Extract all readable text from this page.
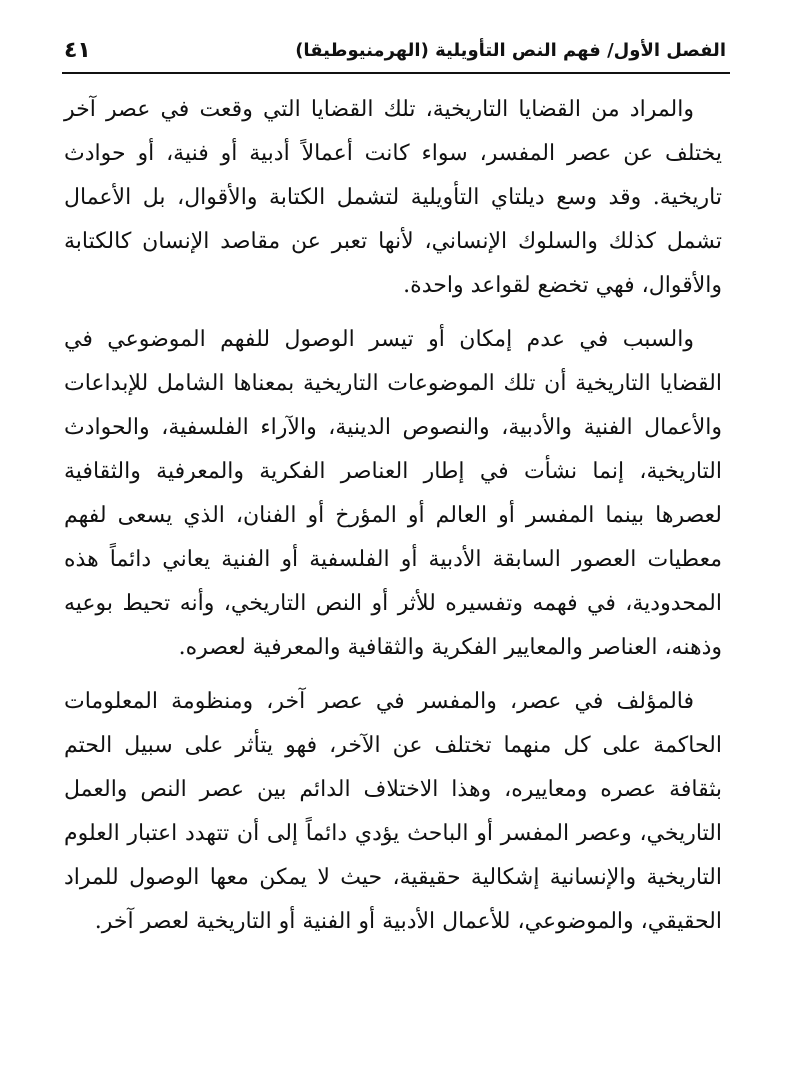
الفصل الأول/ فهم النص التأويلية (الهرمنيوطيقا)
٤١

والمراد من القضايا التاريخية، تلك القضايا التي وقعت في عصر آخر يختلف عن عصر المفسر، سواء كانت أعمالاً أدبية أو فنية، أو حوادث تاريخية. وقد وسع ديلتاي التأويلية لتشمل الكتابة والأقوال، بل الأعمال تشمل كذلك والسلوك الإنساني، لأنها تعبر عن مقاصد الإنسان كالكتابة والأقوال، فهي تخضع لقواعد واحدة.

والسبب في عدم إمكان أو تيسر الوصول للفهم الموضوعي في القضايا التاريخية أن تلك الموضوعات التاريخية بمعناها الشامل للإبداعات والأعمال الفنية والأدبية، والنصوص الدينية، والآراء الفلسفية، والحوادث التاريخية، إنما نشأت في إطار العناصر الفكرية والمعرفية والثقافية لعصرها بينما المفسر أو العالم أو المؤرخ أو الفنان، الذي يسعى لفهم معطيات العصور السابقة الأدبية أو الفلسفية أو الفنية يعاني دائماً هذه المحدودية، في فهمه وتفسيره للأثر أو النص التاريخي، وأنه تحيط بوعيه وذهنه، العناصر والمعايير الفكرية والثقافية والمعرفية لعصره.

فالمؤلف في عصر، والمفسر في عصر آخر، ومنظومة المعلومات الحاكمة على كل منهما تختلف عن الآخر، فهو يتأثر على سبيل الحتم بثقافة عصره ومعاييره، وهذا الاختلاف الدائم بين عصر النص والعمل التاريخي، وعصر المفسر أو الباحث يؤدي دائماً إلى أن تتهدد اعتبار العلوم التاريخية والإنسانية إشكالية حقيقية، حيث لا يمكن معها الوصول للمراد الحقيقي، والموضوعي، للأعمال الأدبية أو الفنية أو التاريخية لعصر آخر.
